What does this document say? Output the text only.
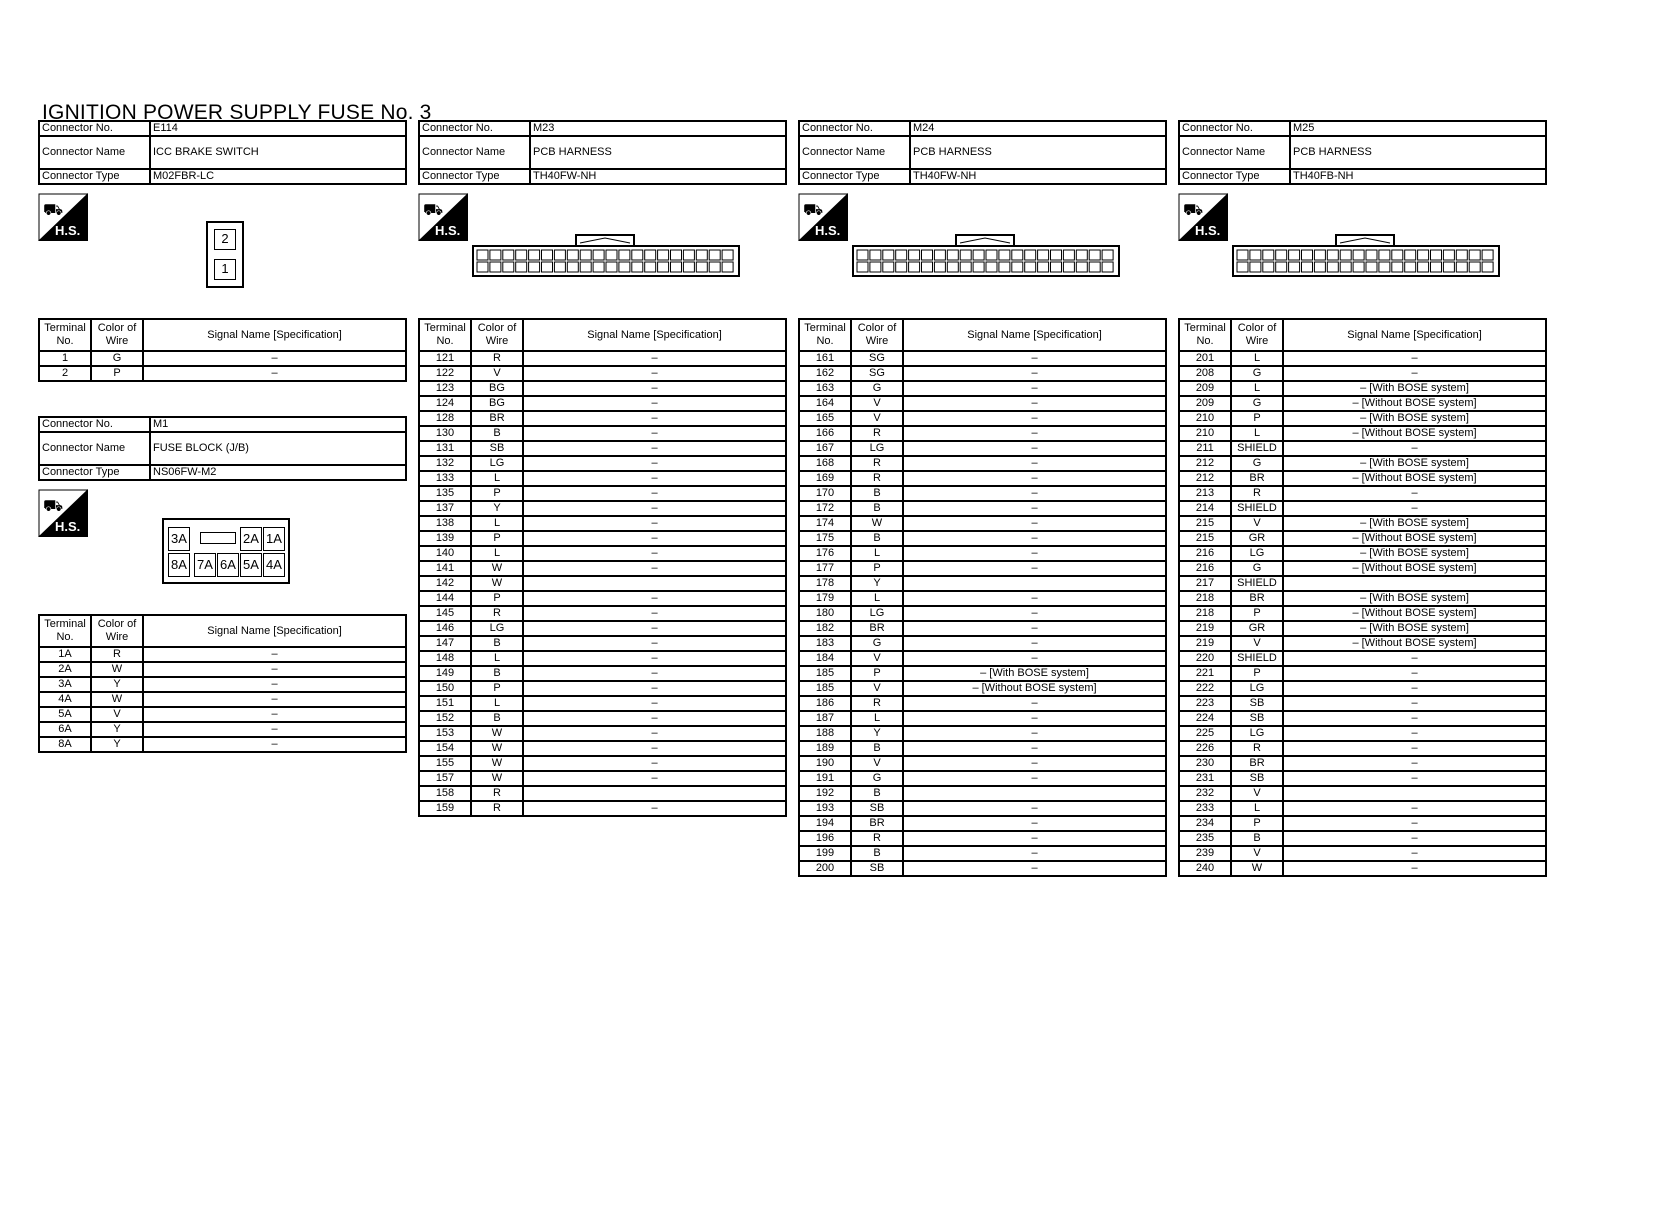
IGNITION POWER SUPPLY FUSE No. 3
Connector No.	E114
Connector Name	ICC BRAKE SWITCH
Connector Type	M02FBR-LC
Connector No.	M1
Connector Name	FUSE BLOCK (J/B)
Connector Type	NS06FW-M2
Connector No.	M23
Connector Name	PCB HARNESS
Connector Type	TH40FW-NH
Connector No.	M24
Connector Name	PCB HARNESS
Connector Type	TH40FW-NH
Connector No.	M25
Connector Name	PCB HARNESS
Connector Type	TH40FB-NH
⛟
H.S.
⛟
H.S.
⛟
H.S.
⛟
H.S.
⛟
H.S.
2
1
3A	2A 1A
8A 7A 6A 5A 4A
Terminal No.	Color of Wire	Signal Name [Specification]
1	G	–
2	P	–
Terminal No.	Color of Wire	Signal Name [Specification]
1A	R	–
2A	W	–
3A	Y	–
4A	W	–
5A	V	–
6A	Y	–
8A	Y	–
Terminal No.	Color of Wire	Signal Name [Specification]
121	R	–
122	V	–
123	BG	–
124	BG	–
128	BR	–
130	B	–
131	SB	–
132	LG	–
133	L	–
135	P	–
137	Y	–
138	L	–
139	P	–
140	L	–
141	W	–
142	W	
144	P	–
145	R	–
146	LG	–
147	B	–
148	L	–
149	B	–
150	P	–
151	L	–
152	B	–
153	W	–
154	W	–
155	W	–
157	W	–
158	R	
159	R	–
Terminal No.	Color of Wire	Signal Name [Specification]
161	SG	–
162	SG	–
163	G	–
164	V	–
165	V	–
166	R	–
167	LG	–
168	R	–
169	R	–
170	B	–
172	B	–
174	W	–
175	B	–
176	L	–
177	P	–
178	Y	
179	L	–
180	LG	–
182	BR	–
183	G	–
184	V	–
185	P	– [With BOSE system]
185	V	– [Without BOSE system]
186	R	–
187	L	–
188	Y	–
189	B	–
190	V	–
191	G	–
192	B	
193	SB	–
194	BR	–
196	R	–
199	B	–
200	SB	–
Terminal No.	Color of Wire	Signal Name [Specification]
201	L	–
208	G	–
209	L	– [With BOSE system]
209	G	– [Without BOSE system]
210	P	– [With BOSE system]
210	L	– [Without BOSE system]
211	SHIELD	–
212	G	– [With BOSE system]
212	BR	– [Without BOSE system]
213	R	–
214	SHIELD	–
215	V	– [With BOSE system]
215	GR	– [Without BOSE system]
216	LG	– [With BOSE system]
216	G	– [Without BOSE system]
217	SHIELD	
218	BR	– [With BOSE system]
218	P	– [Without BOSE system]
219	GR	– [With BOSE system]
219	V	– [Without BOSE system]
220	SHIELD	–
221	P	–
222	LG	–
223	SB	–
224	SB	–
225	LG	–
226	R	–
230	BR	–
231	SB	–
232	V	
233	L	–
234	P	–
235	B	–
239	V	–
240	W	–
